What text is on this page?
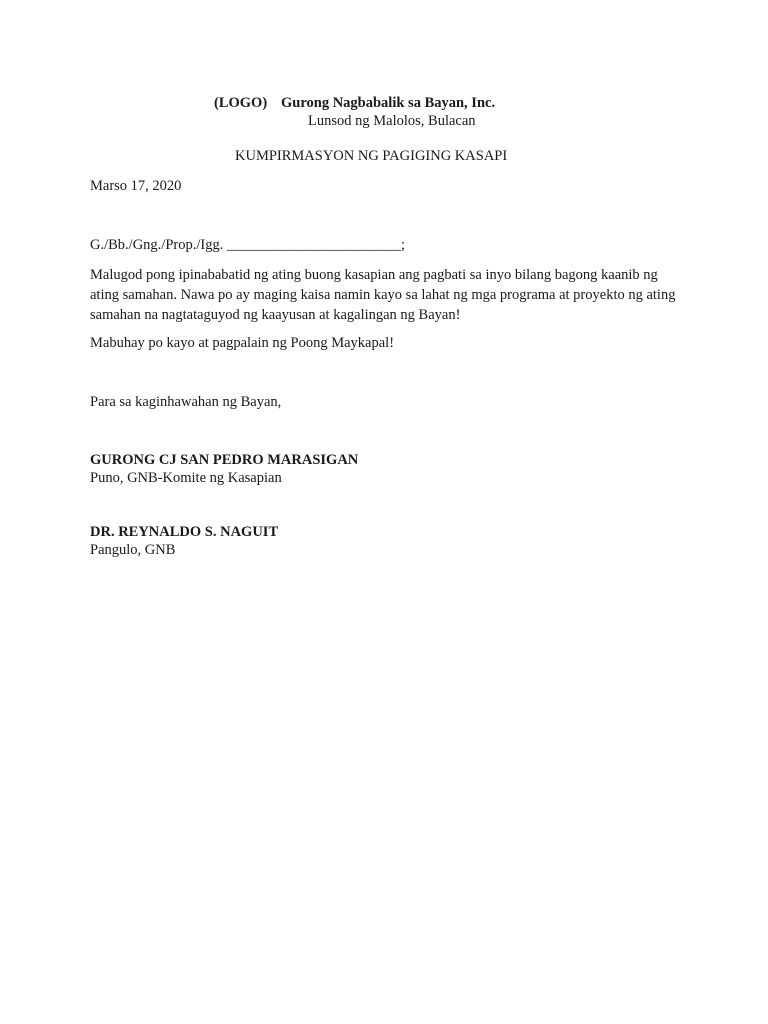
(LOGO) Gurong Nagbabalik sa Bayan, Inc.
Lunsod ng Malolos, Bulacan
KUMPIRMASYON NG PAGIGING KASAPI
Marso 17, 2020
G./Bb./Gng./Prop./Igg. ________________________;
Malugod pong ipinababatid ng ating buong kasapian ang pagbati sa inyo bilang bagong kaanib ng ating samahan. Nawa po ay maging kaisa namin kayo sa lahat ng mga programa at proyekto ng ating samahan na nagtataguyod ng kaayusan at kagalingan ng Bayan!
Mabuhay po kayo at pagpalain ng Poong Maykapal!
Para sa kaginhawahan ng Bayan,
GURONG CJ SAN PEDRO MARASIGAN
Puno, GNB-Komite ng Kasapian
DR. REYNALDO S. NAGUIT
Pangulo, GNB
